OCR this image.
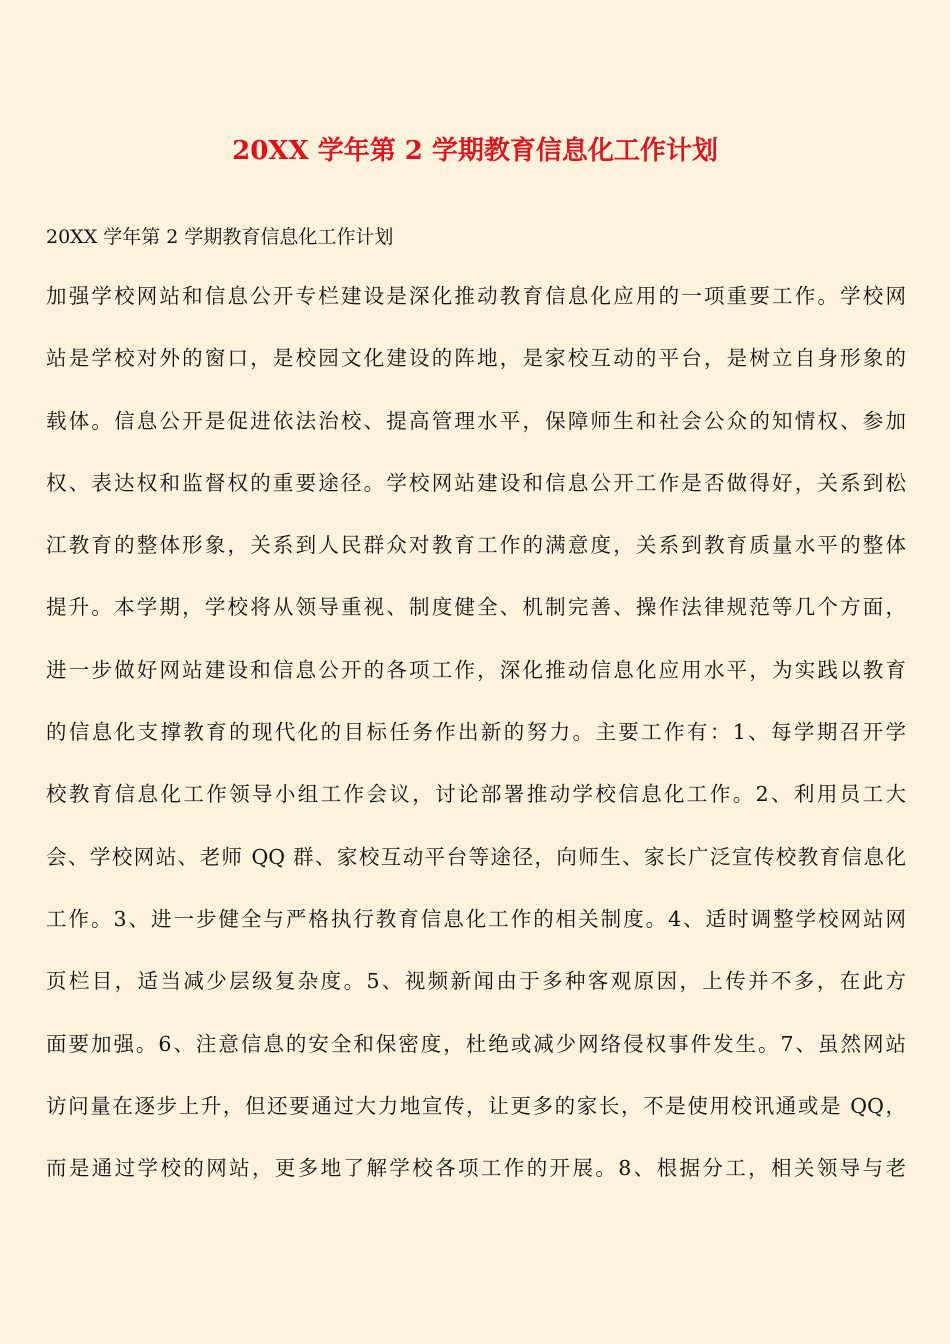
20XX 学年第 2 学期教育信息化工作计划

20XX 学年第 2 学期教育信息化工作计划

加强学校网站和信息公开专栏建设是深化推动教育信息化应用的一项重要工作。学校网
站是学校对外的窗口，是校园文化建设的阵地，是家校互动的平台，是树立自身形象的
载体。信息公开是促进依法治校、提高管理水平，保障师生和社会公众的知情权、参加
权、表达权和监督权的重要途径。学校网站建设和信息公开工作是否做得好，关系到松
江教育的整体形象，关系到人民群众对教育工作的满意度，关系到教育质量水平的整体
提升。本学期，学校将从领导重视、制度健全、机制完善、操作法律规范等几个方面，
进一步做好网站建设和信息公开的各项工作，深化推动信息化应用水平，为实践以教育
的信息化支撑教育的现代化的目标任务作出新的努力。主要工作有：1、每学期召开学
校教育信息化工作领导小组工作会议，讨论部署推动学校信息化工作。2、利用员工大
会、学校网站、老师 QQ 群、家校互动平台等途径，向师生、家长广泛宣传校教育信息化
工作。3、进一步健全与严格执行教育信息化工作的相关制度。4、适时调整学校网站网
页栏目，适当减少层级复杂度。5、视频新闻由于多种客观原因，上传并不多，在此方
面要加强。6、注意信息的安全和保密度，杜绝或减少网络侵权事件发生。7、虽然网站
访问量在逐步上升，但还要通过大力地宣传，让更多的家长，不是使用校讯通或是 QQ，
而是通过学校的网站，更多地了解学校各项工作的开展。8、根据分工，相关领导与老
